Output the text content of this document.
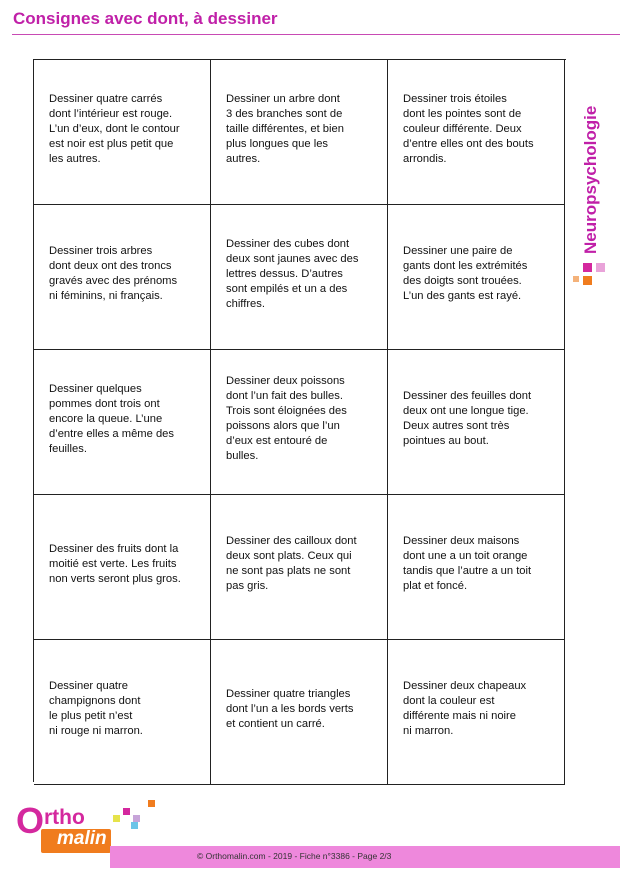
Consignes avec dont, à dessiner
Dessiner quatre carrés
dont l’intérieur est rouge.
L’un d’eux, dont le contour
est noir est plus petit que
les autres.
Dessiner un arbre dont
3 des branches sont de
taille différentes, et bien
plus longues que les
autres.
Dessiner trois étoiles
dont les pointes sont de
couleur différente. Deux
d’entre elles ont des bouts
arrondis.
Dessiner trois arbres
dont deux ont des troncs
gravés avec des prénoms
ni féminins, ni français.
Dessiner des cubes dont
deux sont jaunes avec des
lettres dessus. D’autres
sont empilés et un a des
chiffres.
Dessiner une paire de
gants dont les extrémités
des doigts sont trouées.
L’un des gants est rayé.
Dessiner quelques
pommes dont trois ont
encore la queue. L’une
d’entre elles a même des
feuilles.
Dessiner deux poissons
dont l’un fait des bulles.
Trois sont éloignées des
poissons alors que l’un
d’eux est entouré de
bulles.
Dessiner des feuilles dont
deux ont une longue tige.
Deux autres sont très
pointues au bout.
Dessiner des fruits dont la
moitié est verte. Les fruits
non verts seront plus gros.
Dessiner des cailloux dont
deux sont plats. Ceux qui
ne sont pas plats ne sont
pas gris.
Dessiner deux maisons
dont une a un toit orange
tandis que l’autre a un toit
plat et foncé.
Dessiner quatre
champignons dont
le plus petit n’est
ni rouge ni marron.
Dessiner quatre triangles
dont l’un a les bords verts
et contient un carré.
Dessiner deux chapeaux
dont la couleur est
différente mais ni noire
ni marron.
Neuropsychologie
O rtho
malin
© Orthomalin.com - 2019 - Fiche n°3386 - Page 2/3
